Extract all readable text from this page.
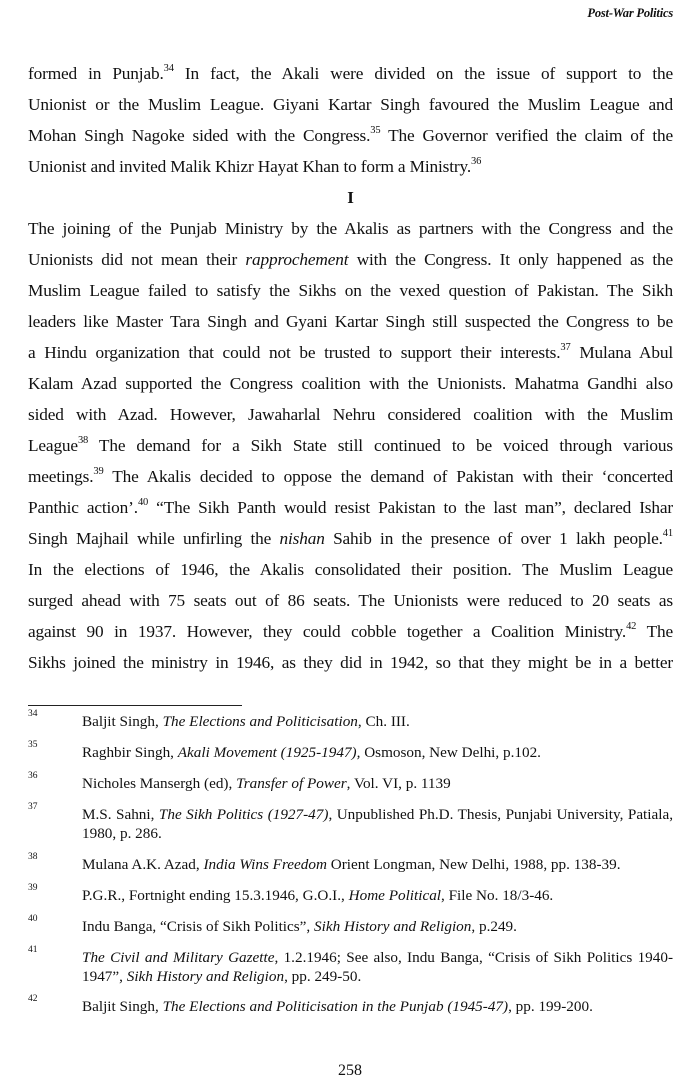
Post-War Politics

formed in Punjab.$^{34}$ In fact, the Akali were divided on the issue of support to the
Unionist or the Muslim League. Giyani Kartar Singh favoured the Muslim League and
Mohan Singh Nagoke sided with the Congress.$^{35}$ The Governor verified the claim of the
Unionist and invited Malik Khizr Hayat Khan to form a Ministry.$^{36}$

I

The joining of the Punjab Ministry by the Akalis as partners with the Congress and the
Unionists did not mean their rapprochement with the Congress. It only happened as the
Muslim League failed to satisfy the Sikhs on the vexed question of Pakistan. The Sikh
leaders like Master Tara Singh and Gyani Kartar Singh still suspected the Congress to be
a Hindu organization that could not be trusted to support their interests.$^{37}$ Mulana Abul
Kalam Azad supported the Congress coalition with the Unionists. Mahatma Gandhi also
sided with Azad. However, Jawaharlal Nehru considered coalition with the Muslim
League$^{38}$ The demand for a Sikh State still continued to be voiced through various
meetings.$^{39}$ The Akalis decided to oppose the demand of Pakistan with their ‘concerted
Panthic action’.$^{40}$ “The Sikh Panth would resist Pakistan to the last man”, declared Ishar
Singh Majhail while unfirling the nishan Sahib in the presence of over 1 lakh people.$^{41}$
In the elections of 1946, the Akalis consolidated their position. The Muslim League
surged ahead with 75 seats out of 86 seats. The Unionists were reduced to 20 seats as
against 90 in 1937. However, they could cobble together a Coalition Ministry.$^{42}$ The
Sikhs joined the ministry in 1946, as they did in 1942, so that they might be in a better

34	Baljit Singh, The Elections and Politicisation, Ch. III.
35	Raghbir Singh, Akali Movement (1925-1947), Osmoson, New Delhi, p.102.
36	Nicholes Mansergh (ed), Transfer of Power, Vol. VI, p. 1139
37	M.S. Sahni, The Sikh Politics (1927-47), Unpublished Ph.D. Thesis, Punjabi University, Patiala, 1980, p. 286.
38	Mulana A.K. Azad, India Wins Freedom Orient Longman, New Delhi, 1988, pp. 138-39.
39	P.G.R., Fortnight ending 15.3.1946, G.O.I., Home Political, File No. 18/3-46.
40	Indu Banga, “Crisis of Sikh Politics”, Sikh History and Religion, p.249.
41	The Civil and Military Gazette, 1.2.1946; See also, Indu Banga, “Crisis of Sikh Politics 1940-1947”, Sikh History and Religion, pp. 249-50.
42	Baljit Singh, The Elections and Politicisation in the Punjab (1945-47), pp. 199-200.
258
